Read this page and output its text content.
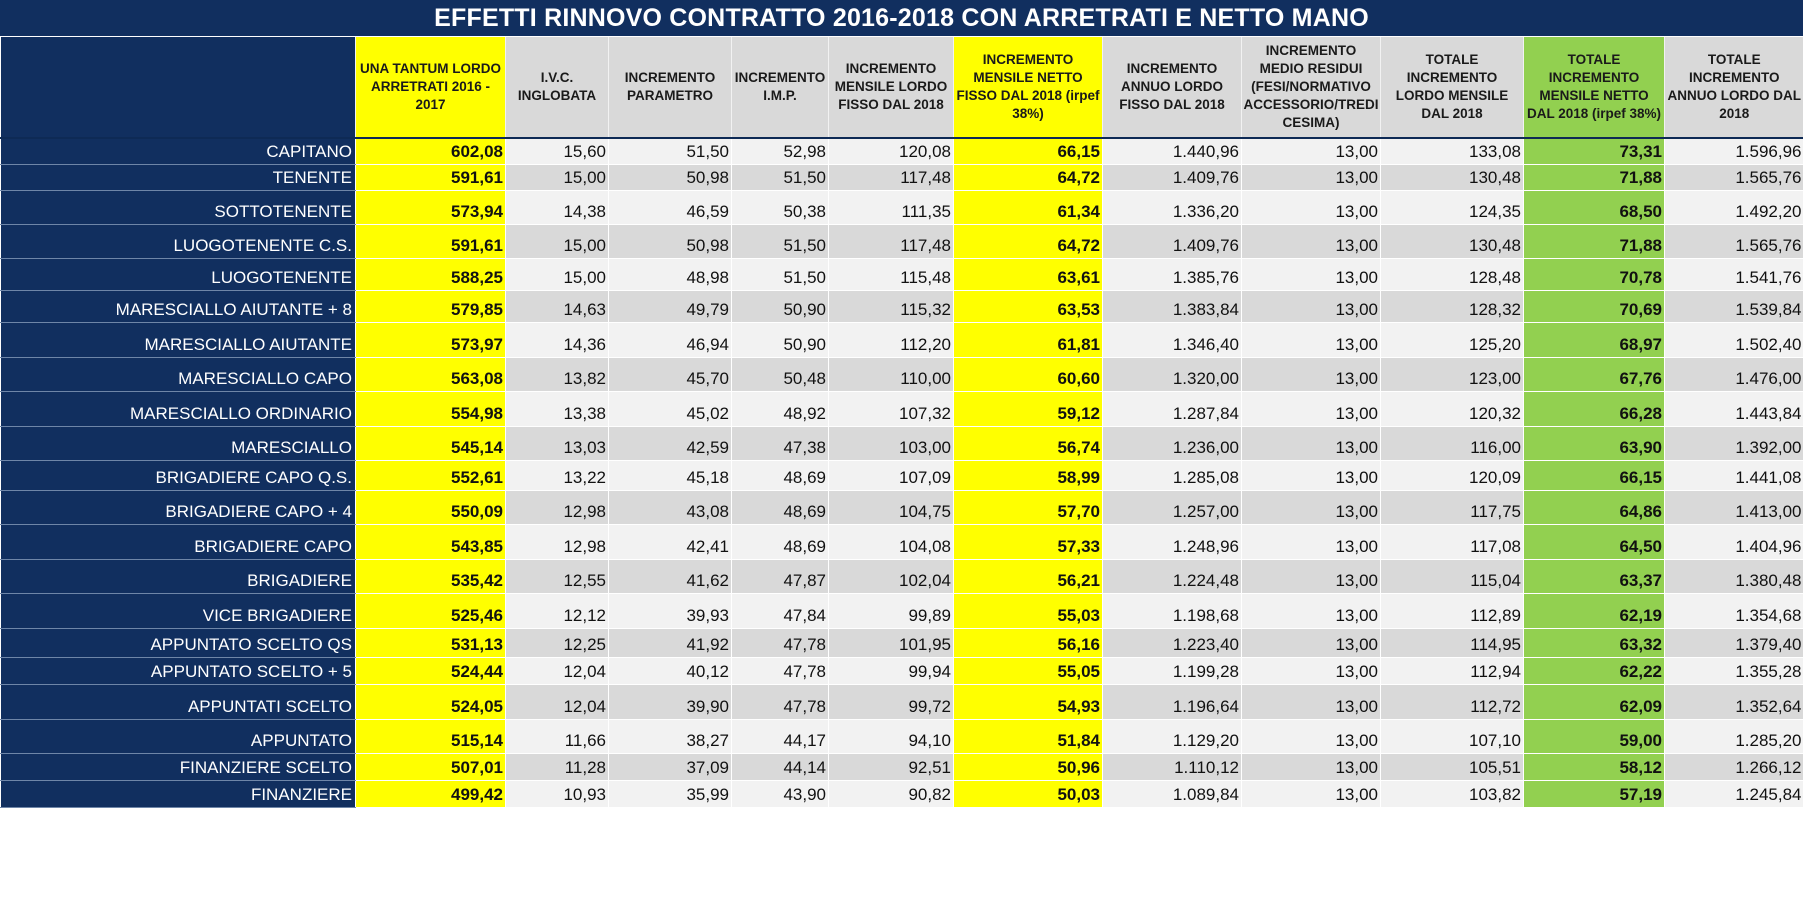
EFFETTI RINNOVO CONTRATTO 2016-2018 CON ARRETRATI E NETTO MANO
	UNA TANTUM LORDO ARRETRATI 2016 - 2017	I.V.C. INGLOBATA	INCREMENTO PARAMETRO	INCREMENTO I.M.P.	INCREMENTO MENSILE LORDO FISSO DAL 2018	INCREMENTO MENSILE NETTO FISSO DAL 2018 (irpef 38%)	INCREMENTO ANNUO LORDO FISSO DAL 2018	INCREMENTO MEDIO RESIDUI (FESI/NORMATIVO ACCESSORIO/TREDI CESIMA)	TOTALE INCREMENTO LORDO MENSILE DAL 2018	TOTALE INCREMENTO MENSILE NETTO DAL 2018 (irpef 38%)	TOTALE INCREMENTO ANNUO LORDO DAL 2018
CAPITANO	602,08	15,60	51,50	52,98	120,08	66,15	1.440,96	13,00	133,08	73,31	1.596,96
TENENTE	591,61	15,00	50,98	51,50	117,48	64,72	1.409,76	13,00	130,48	71,88	1.565,76
SOTTOTENENTE	573,94	14,38	46,59	50,38	111,35	61,34	1.336,20	13,00	124,35	68,50	1.492,20
LUOGOTENENTE C.S.	591,61	15,00	50,98	51,50	117,48	64,72	1.409,76	13,00	130,48	71,88	1.565,76
LUOGOTENENTE	588,25	15,00	48,98	51,50	115,48	63,61	1.385,76	13,00	128,48	70,78	1.541,76
MARESCIALLO AIUTANTE + 8	579,85	14,63	49,79	50,90	115,32	63,53	1.383,84	13,00	128,32	70,69	1.539,84
MARESCIALLO AIUTANTE	573,97	14,36	46,94	50,90	112,20	61,81	1.346,40	13,00	125,20	68,97	1.502,40
MARESCIALLO CAPO	563,08	13,82	45,70	50,48	110,00	60,60	1.320,00	13,00	123,00	67,76	1.476,00
MARESCIALLO ORDINARIO	554,98	13,38	45,02	48,92	107,32	59,12	1.287,84	13,00	120,32	66,28	1.443,84
MARESCIALLO	545,14	13,03	42,59	47,38	103,00	56,74	1.236,00	13,00	116,00	63,90	1.392,00
BRIGADIERE CAPO Q.S.	552,61	13,22	45,18	48,69	107,09	58,99	1.285,08	13,00	120,09	66,15	1.441,08
BRIGADIERE CAPO + 4	550,09	12,98	43,08	48,69	104,75	57,70	1.257,00	13,00	117,75	64,86	1.413,00
BRIGADIERE CAPO	543,85	12,98	42,41	48,69	104,08	57,33	1.248,96	13,00	117,08	64,50	1.404,96
BRIGADIERE	535,42	12,55	41,62	47,87	102,04	56,21	1.224,48	13,00	115,04	63,37	1.380,48
VICE BRIGADIERE	525,46	12,12	39,93	47,84	99,89	55,03	1.198,68	13,00	112,89	62,19	1.354,68
APPUNTATO SCELTO QS	531,13	12,25	41,92	47,78	101,95	56,16	1.223,40	13,00	114,95	63,32	1.379,40
APPUNTATO SCELTO + 5	524,44	12,04	40,12	47,78	99,94	55,05	1.199,28	13,00	112,94	62,22	1.355,28
APPUNTATI SCELTO	524,05	12,04	39,90	47,78	99,72	54,93	1.196,64	13,00	112,72	62,09	1.352,64
APPUNTATO	515,14	11,66	38,27	44,17	94,10	51,84	1.129,20	13,00	107,10	59,00	1.285,20
FINANZIERE SCELTO	507,01	11,28	37,09	44,14	92,51	50,96	1.110,12	13,00	105,51	58,12	1.266,12
FINANZIERE	499,42	10,93	35,99	43,90	90,82	50,03	1.089,84	13,00	103,82	57,19	1.245,84
